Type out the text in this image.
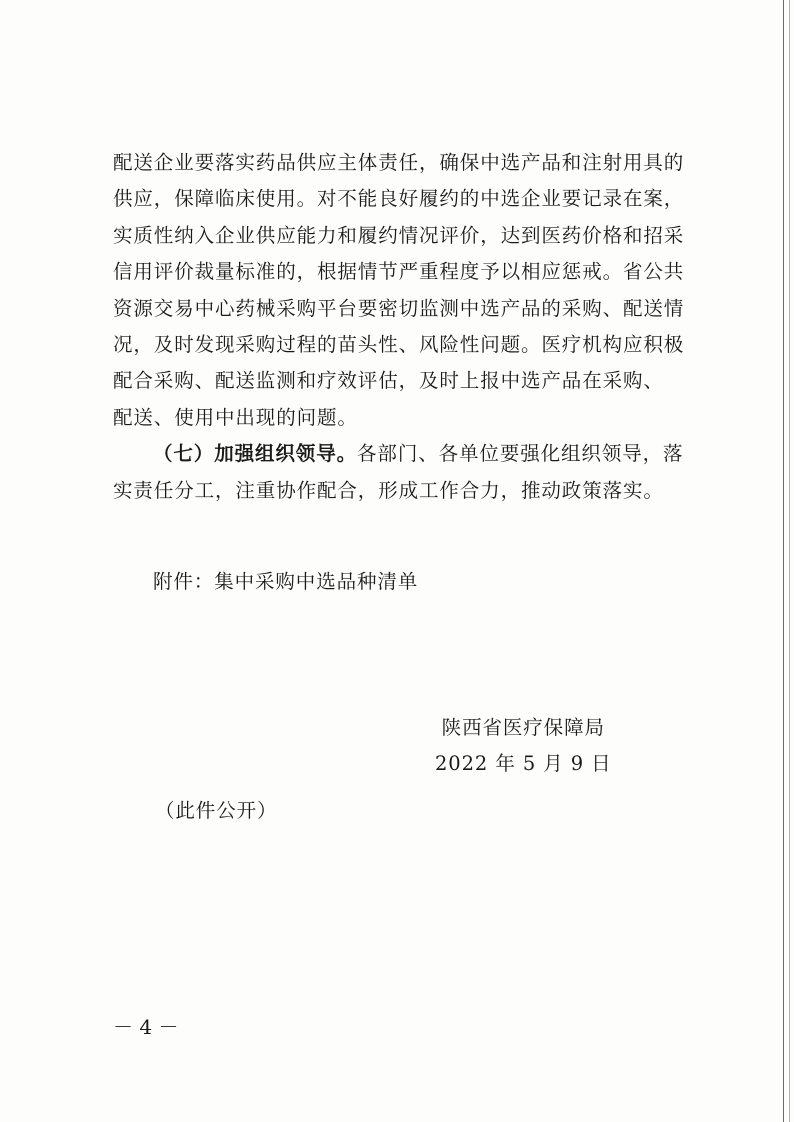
配送企业要落实药品供应主体责任，确保中选产品和注射用具的
供应，保障临床使用。对不能良好履约的中选企业要记录在案，
实质性纳入企业供应能力和履约情况评价，达到医药价格和招采
信用评价裁量标准的，根据情节严重程度予以相应惩戒。省公共
资源交易中心药械采购平台要密切监测中选产品的采购、配送情
况，及时发现采购过程的苗头性、风险性问题。医疗机构应积极
配合采购、配送监测和疗效评估，及时上报中选产品在采购、
配送、使用中出现的问题。
（七）加强组织领导。各部门、各单位要强化组织领导，落
实责任分工，注重协作配合，形成工作合力，推动政策落实。
附件：集中采购中选品种清单
陕西省医疗保障局
2022 年 5 月 9 日
（此件公开）
－ 4 －
